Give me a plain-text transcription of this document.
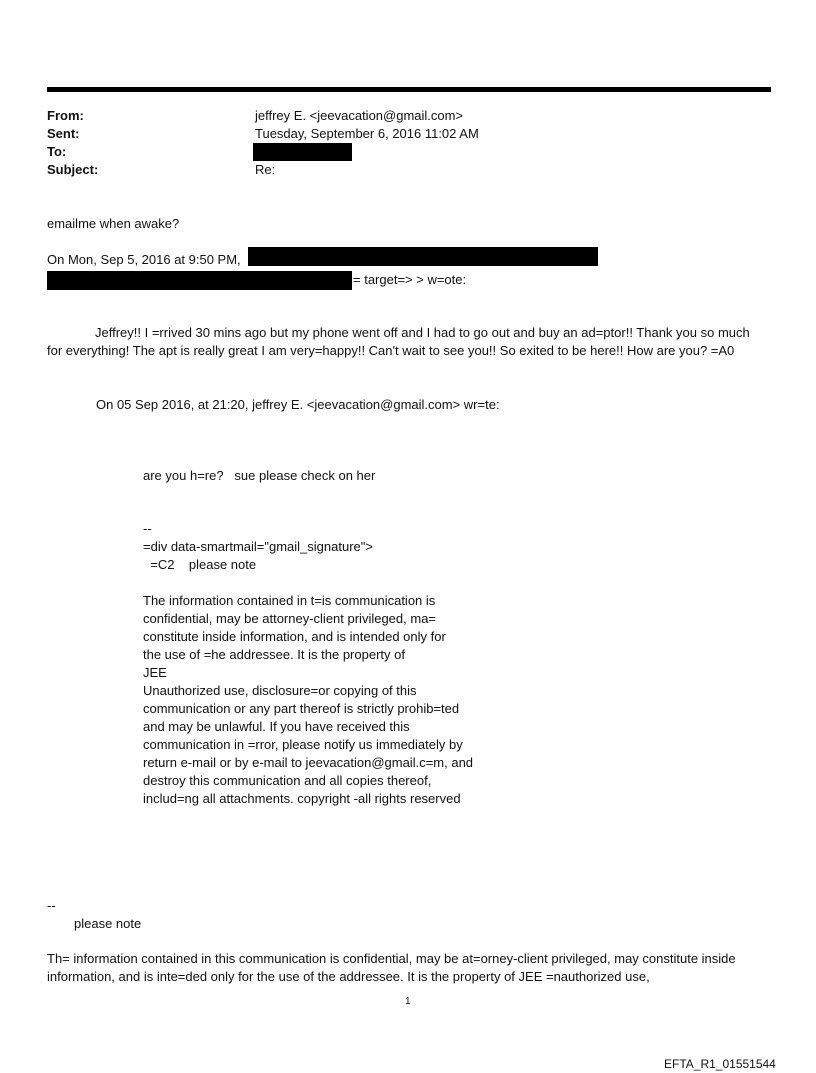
From:	jeffrey E. <jeevacation@gmail.com>
Sent:	Tuesday, September 6, 2016 11:02 AM
To:
Subject:	Re:
emailme when awake?
On Mon, Sep 5, 2016 at 9:50 PM,
= target=> > w=ote:
Jeffrey!! I =rrived 30 mins ago but my phone went off and I had to go out and buy an ad=ptor!! Thank you so much for everything! The apt is really great I am very=happy!! Can't wait to see you!! So exited to be here!! How are you? =A0
On 05 Sep 2016, at 21:20, jeffrey E. <jeevacation@gmail.com> wr=te:
are you h=re?   sue please check on her
--
=div data-smartmail="gmail_signature">
=C2    please note
The information contained in t=is communication is
confidential, may be attorney-client privileged, ma=
constitute inside information, and is intended only for
the use of =he addressee. It is the property of
JEE
Unauthorized use, disclosure=or copying of this
communication or any part thereof is strictly prohib=ted
and may be unlawful. If you have received this
communication in =rror, please notify us immediately by
return e-mail or by e-mail to jeevacation@gmail.c=m, and
destroy this communication and all copies thereof,
includ=ng all attachments. copyright -all rights reserved
--
please note
Th= information contained in this communication is confidential, may be at=orney-client privileged, may constitute inside information, and is inte=ded only for the use of the addressee. It is the property of JEE =nauthorized use,
1
EFTA_R1_01551544
